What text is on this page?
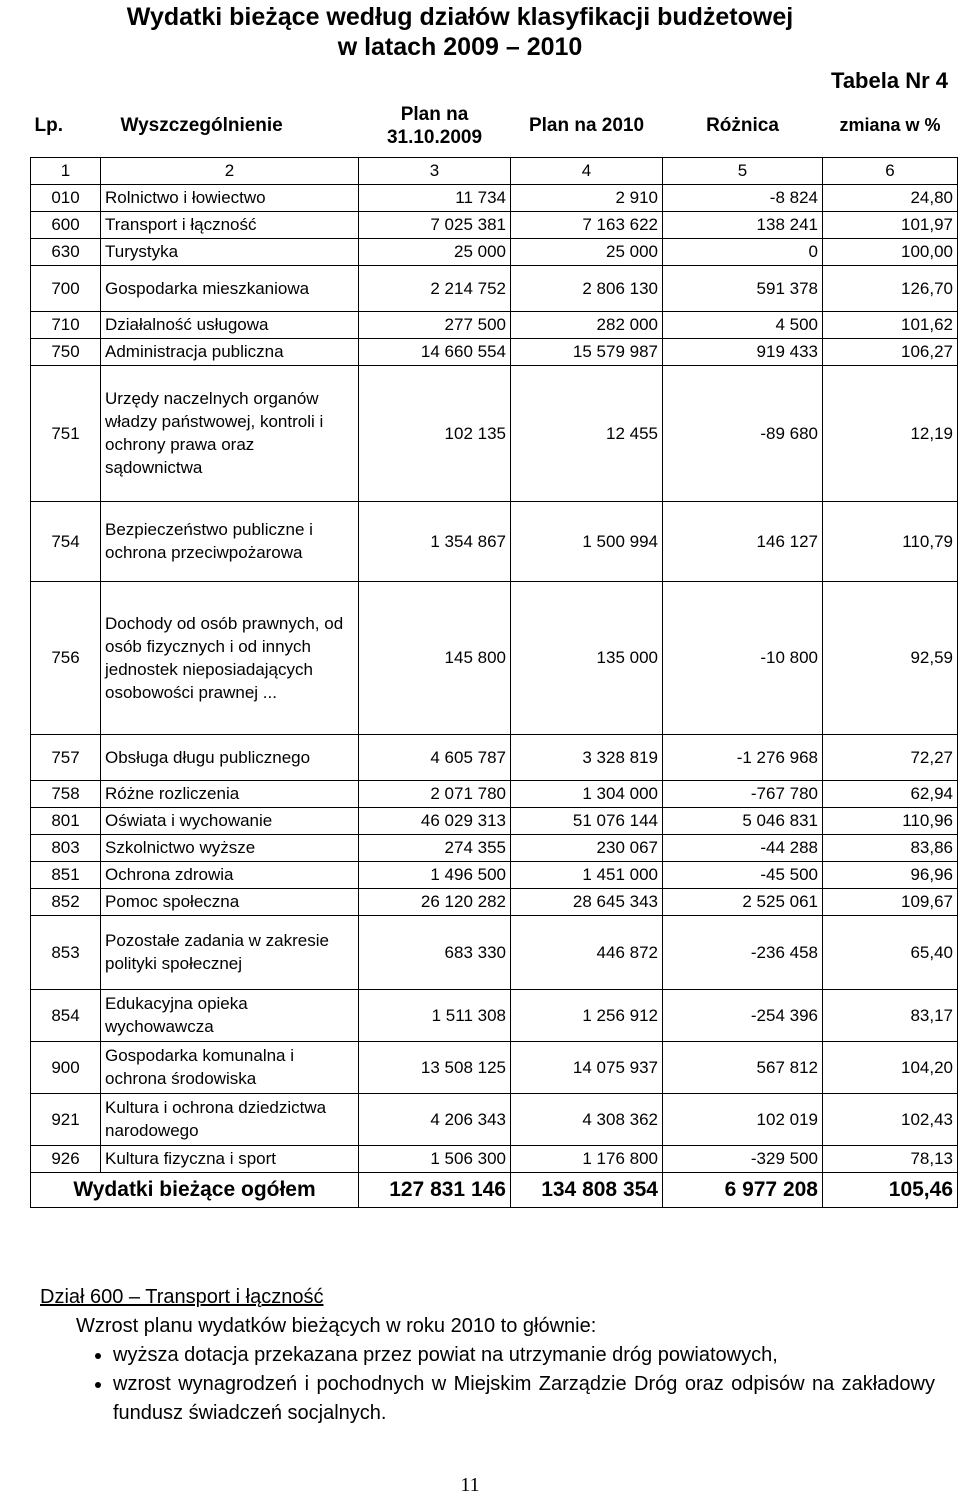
Wydatki bieżące według działów klasyfikacji budżetowej
w latach 2009 – 2010
Tabela Nr 4
Lp.	Wyszczególnienie	Plan na 31.10.2009	Plan na 2010	Różnica	zmiana w %
1	2	3	4	5	6
010	Rolnictwo i łowiectwo	11 734	2 910	-8 824	24,80
600	Transport i łączność	7 025 381	7 163 622	138 241	101,97
630	Turystyka	25 000	25 000	0	100,00
700	Gospodarka mieszkaniowa	2 214 752	2 806 130	591 378	126,70
710	Działalność usługowa	277 500	282 000	4 500	101,62
750	Administracja publiczna	14 660 554	15 579 987	919 433	106,27
751	Urzędy naczelnych organów władzy państwowej, kontroli i ochrony prawa oraz sądownictwa	102 135	12 455	-89 680	12,19
754	Bezpieczeństwo publiczne i ochrona przeciwpożarowa	1 354 867	1 500 994	146 127	110,79
756	Dochody od osób prawnych, od osób fizycznych i od innych jednostek nieposiadających osobowości prawnej ...	145 800	135 000	-10 800	92,59
757	Obsługa długu publicznego	4 605 787	3 328 819	-1 276 968	72,27
758	Różne rozliczenia	2 071 780	1 304 000	-767 780	62,94
801	Oświata i wychowanie	46 029 313	51 076 144	5 046 831	110,96
803	Szkolnictwo wyższe	274 355	230 067	-44 288	83,86
851	Ochrona zdrowia	1 496 500	1 451 000	-45 500	96,96
852	Pomoc społeczna	26 120 282	28 645 343	2 525 061	109,67
853	Pozostałe zadania w zakresie polityki społecznej	683 330	446 872	-236 458	65,40
854	Edukacyjna opieka wychowawcza	1 511 308	1 256 912	-254 396	83,17
900	Gospodarka komunalna i ochrona środowiska	13 508 125	14 075 937	567 812	104,20
921	Kultura i ochrona dziedzictwa narodowego	4 206 343	4 308 362	102 019	102,43
926	Kultura fizyczna i sport	1 506 300	1 176 800	-329 500	78,13
Wydatki bieżące ogółem		127 831 146	134 808 354	6 977 208	105,46
Dział 600 – Transport i łączność
Wzrost planu wydatków bieżących w roku 2010 to głównie:
• wyższa dotacja przekazana przez powiat na utrzymanie dróg powiatowych,
• wzrost wynagrodzeń i pochodnych w Miejskim Zarządzie Dróg oraz odpisów na zakładowy fundusz świadczeń socjalnych.
11
